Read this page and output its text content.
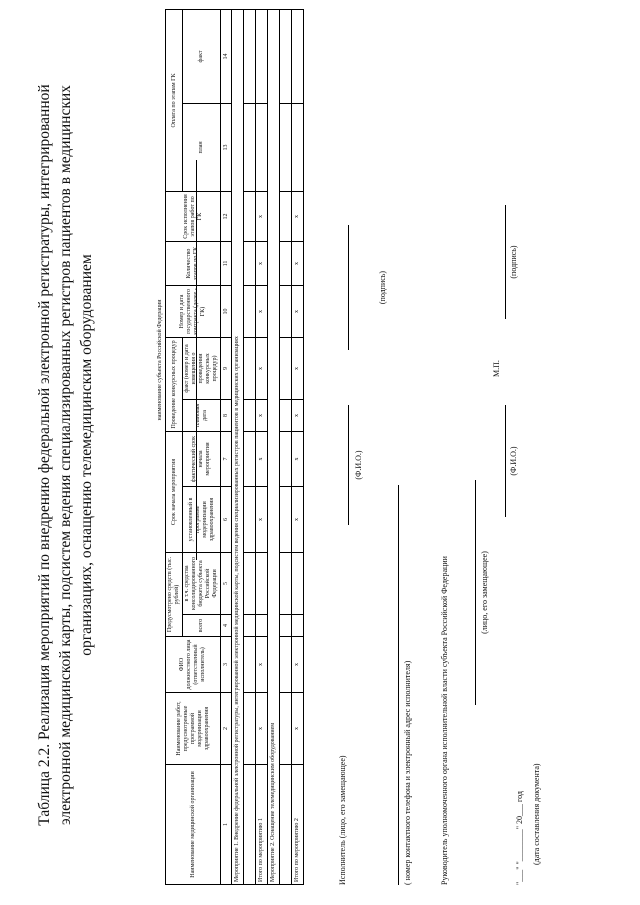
Таблица 2.2. Реализация мероприятий по внедрению федеральной электронной регистратуры, интегрированной электронной медицинской карты, подсистем ведения специализированных регистров пациентов в медицинских организациях, оснащению телемедицинским оборудованием	наименование субъекта Российской Федерации
Наименование медицинской организации	Наименование работ, предусмотренные программой модернизации здравоохранения	ФИО должностного лица (ответственный исполнитель)	Предусмотрено средств (тыс. рублей)		Срок начала мероприятия		Проведение конкурсных процедур		Номер и дата государственного контракта (далее - ГК)	Количество этапов по ГК	Срок исполнения этапов работ по ГК	Оплата по этапам ГК	
			всего	в т.ч. средства консолидированного бюджета субъекта Российской Федерации	установленный в программе модернизации здравоохранения	фактический срок начала мероприятия	плановая дата	факт (номер и дата извещения о проведении конкурсных процедур)				план	факт
1	2	3	4	5	6	7	8	9	10	11	12	13	14
Мероприятие 1. Внедрение федеральной электронной регистратуры, интегрированной электронной медицинской карты, подсистем ведения специализированных регистров пациентов в медицинских организациях													

Итого по мероприятию 1	x	x			x	x	x	x	x	x	x		
Мероприятие 2. Оснащение телемедицинским оборудованием													

Итого по мероприятию 2	x	x			x	x	x	x	x	x	x		
Исполнитель (лицо, его замещающее)
(Ф.И.О.)
(подпись)
( номер контактного телефона и электронный адрес исполнителя)	Руководитель уполномоченного органа исполнительной власти субъекта Российской Федерации	(лицо, его замещающее)
(Ф.И.О.)
М.П.
(подпись)
"___" "________" 20___ год (дата составления документа)
